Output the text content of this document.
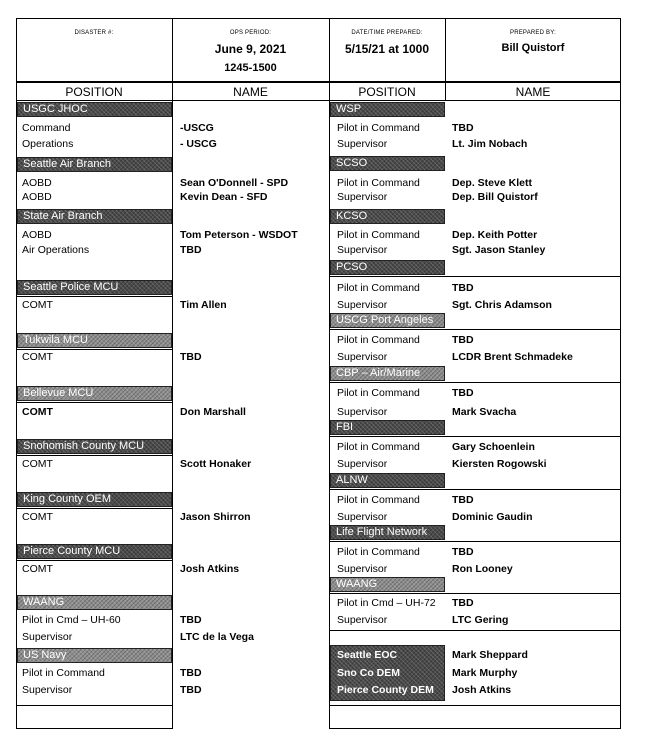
DISASTER #:	OPS PERIOD:
June 9, 2021
1245-1500
DATE/TIME PREPARED:
5/15/21 at 1000
PREPARED BY:
Bill Quistorf
POSITION	NAME	POSITION	NAME
USGC JHOC
Command	-USCG
Operations	- USCG
Seattle Air Branch
AOBD	Sean O'Donnell - SPD
AOBD	Kevin Dean - SFD
State Air Branch
AOBD	Tom Peterson - WSDOT
Air Operations	TBD
Seattle Police MCU
COMT	Tim Allen
Tukwila MCU
COMT	TBD
Bellevue MCU
COMT	Don Marshall
Snohomish County MCU
COMT	Scott Honaker
King County OEM
COMT	Jason Shirron
Pierce County MCU
COMT	Josh Atkins
WAANG
Pilot in Cmd – UH-60	TBD
Supervisor	LTC de la Vega
US Navy
Pilot in Command	TBD
Supervisor	TBD
WSP
Pilot in Command	TBD
Supervisor	Lt. Jim Nobach
SCSO
Pilot in Command	Dep. Steve Klett
Supervisor	Dep. Bill Quistorf
KCSO
Pilot in Command	Dep. Keith Potter
Supervisor	Sgt. Jason Stanley
PCSO
Pilot in Command	TBD
Supervisor	Sgt. Chris Adamson
USCG Port Angeles
Pilot in Command	TBD
Supervisor	LCDR Brent Schmadeke
CBP – Air/Marine
Pilot in Command	TBD
Supervisor	Mark Svacha
FBI
Pilot in Command	Gary Schoenlein
Supervisor	Kiersten Rogowski
ALNW
Pilot in Command	TBD
Supervisor	Dominic Gaudin
Life Flight Network
Pilot in Command	TBD
Supervisor	Ron Looney
WAANG
Pilot in Cmd – UH-72 TBD
Supervisor	LTC Gering
Seattle EOC	Mark Sheppard
Sno Co DEM	Mark Murphy
Pierce County DEM Josh Atkins
